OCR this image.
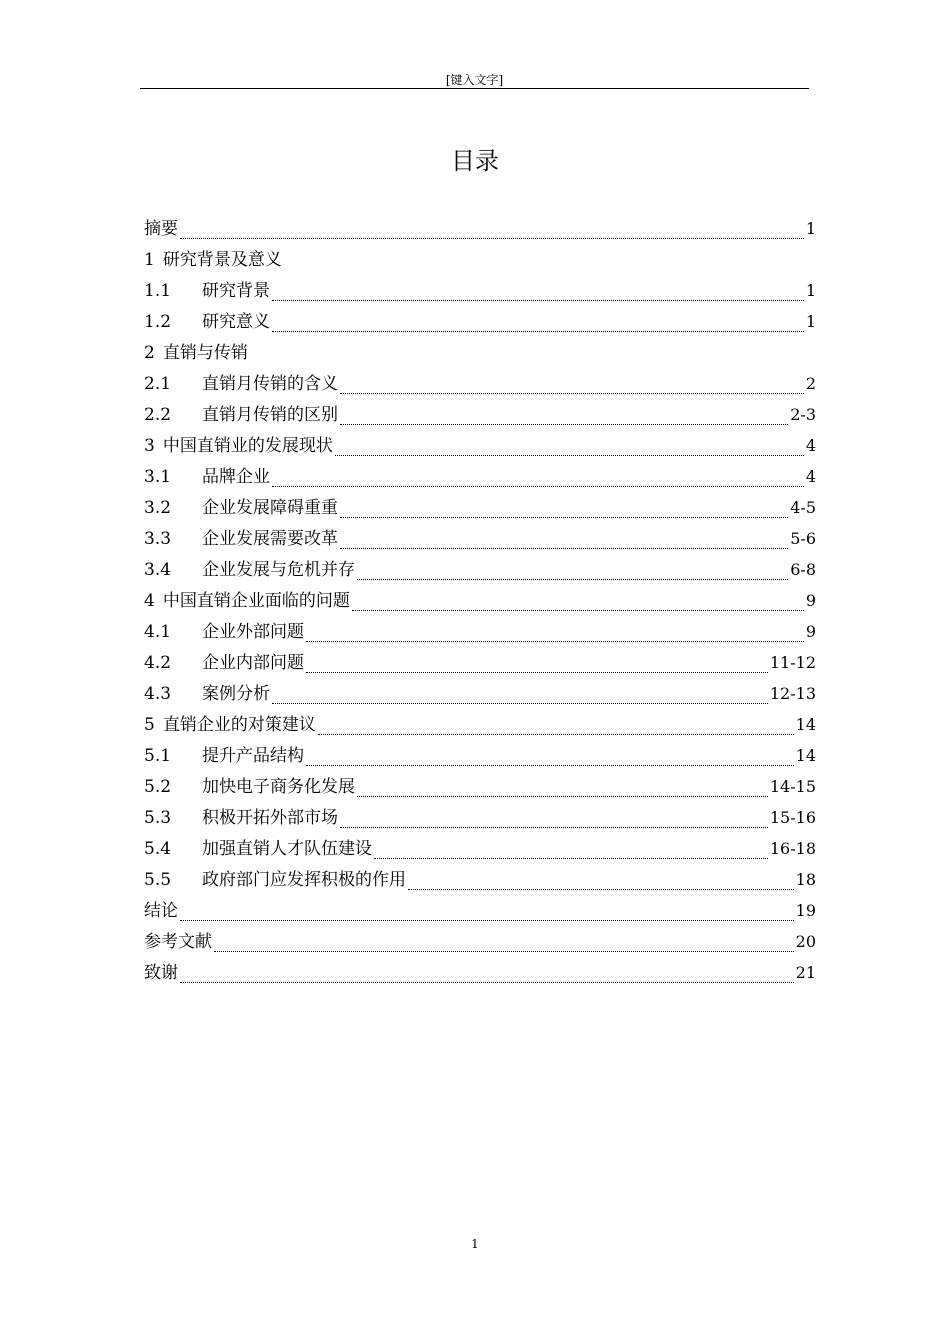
[键入文字]
目录
摘要	1
1 研究背景及意义
1.1	研究背景	1
1.2	研究意义	1
2 直销与传销
2.1	直销月传销的含义	2
2.2	直销月传销的区别	2-3
3 中国直销业的发展现状	4
3.1	品牌企业	4
3.2	企业发展障碍重重	4-5
3.3	企业发展需要改革	5-6
3.4	企业发展与危机并存	6-8
4 中国直销企业面临的问题	9
4.1	企业外部问题	9
4.2	企业内部问题	11-12
4.3	案例分析	12-13
5 直销企业的对策建议	14
5.1	提升产品结构	14
5.2	加快电子商务化发展	14-15
5.3	积极开拓外部市场	15-16
5.4	加强直销人才队伍建设	16-18
5.5	政府部门应发挥积极的作用	18
结论	19
参考文献	20
致谢	21
1
